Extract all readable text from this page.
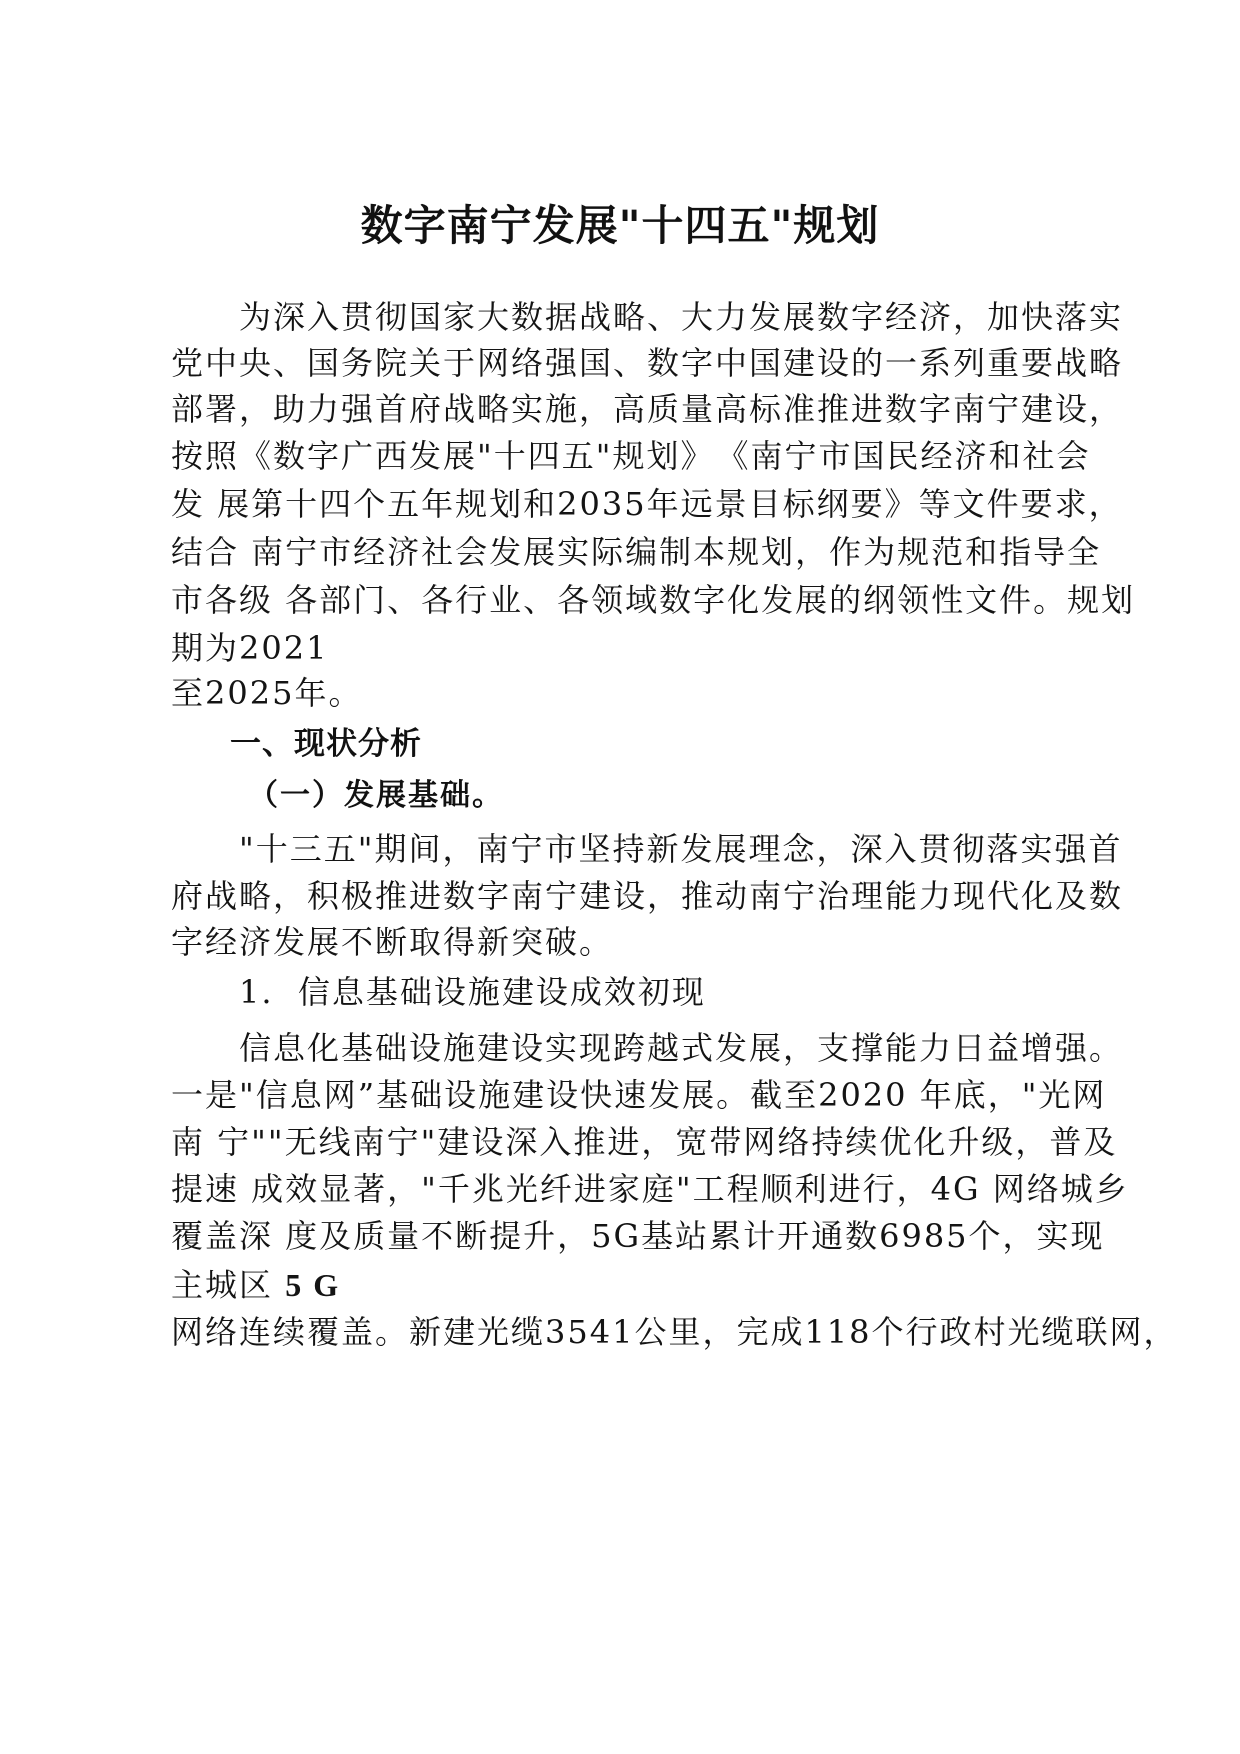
数字南宁发展"十四五"规划
　　为深入贯彻国家大数据战略、大力发展数字经济，加快落实
党中央、国务院关于网络强国、数字中国建设的一系列重要战略
部署，助力强首府战略实施，高质量高标准推进数字南宁建设，
按照《数字广西发展"十四五"规划》　《南宁市国民经济和社会
发 展第十四个五年规划和2035年远景目标纲要》等文件要求，
结合 南宁市经济社会发展实际编制本规划，作为规范和指导全
市各级 各部门、各行业、各领域数字化发展的纲领性文件。规划
期为2021
至2025年。
一、现状分析
（一）发展基础。
　　"十三五"期间，南宁市坚持新发展理念，深入贯彻落实强首
府战略，积极推进数字南宁建设，推动南宁治理能力现代化及数
字经济发展不断取得新突破。
　　1.  信息基础设施建设成效初现
　　信息化基础设施建设实现跨越式发展，支撑能力日益增强。
一是"信息网”基础设施建设快速发展。截至2020 年底，"光网
南 宁""无线南宁"建设深入推进，宽带网络持续优化升级，普及
提速 成效显著，"千兆光纤进家庭"工程顺利进行，4G 网络城乡
覆盖深 度及质量不断提升，5G基站累计开通数6985个，实现
主城区 5 G
网络连续覆盖。新建光缆3541公里，完成118个行政村光缆联网，
